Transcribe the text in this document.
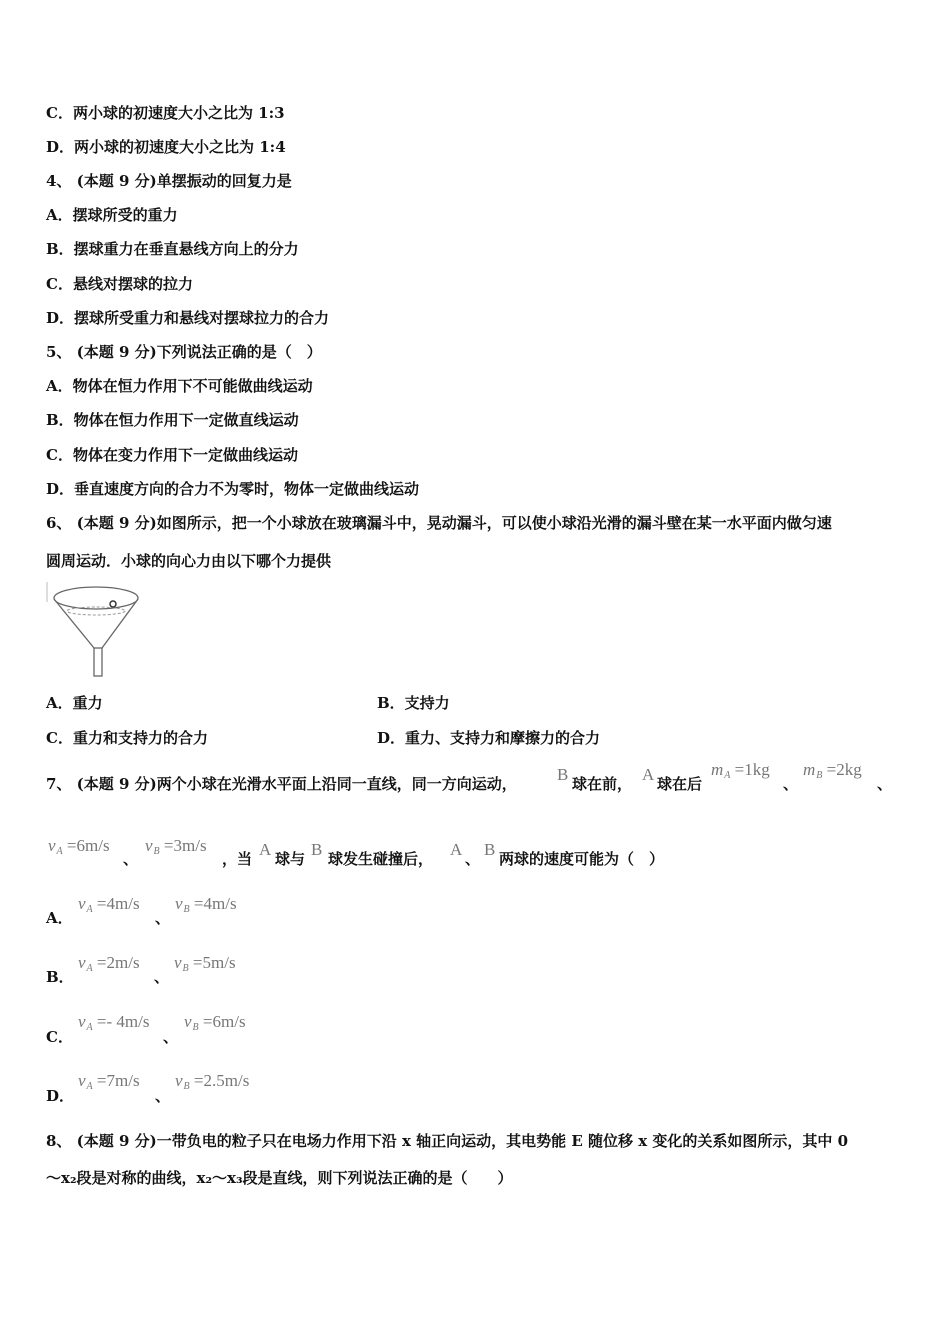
C．两小球的初速度大小之比为 1:3
D．两小球的初速度大小之比为 1:4
4、 (本题 9 分)单摆振动的回复力是
A．摆球所受的重力
B．摆球重力在垂直悬线方向上的分力
C．悬线对摆球的拉力
D．摆球所受重力和悬线对摆球拉力的合力
5、 (本题 9 分)下列说法正确的是（　）
A．物体在恒力作用下不可能做曲线运动
B．物体在恒力作用下一定做直线运动
C．物体在变力作用下一定做曲线运动
D．垂直速度方向的合力不为零时，物体一定做曲线运动
6、 (本题 9 分)如图所示，把一个小球放在玻璃漏斗中，晃动漏斗，可以使小球沿光滑的漏斗壁在某一水平面内做匀速
圆周运动．小球的向心力由以下哪个力提供
A．重力	B．支持力
C．重力和支持力的合力	D．重力、支持力和摩擦力的合力
7、 (本题 9 分)两个小球在光滑水平面上沿同一直线，同一方向运动， B 球在前， A 球在后
$m_A =1kg$
、
$m_B =2kg$
、
$v_A =6m/s$
、
$v_B =3m/s$
，当 A 球与 B 球发生碰撞后， A 、 B 两球的速度可能为（　）
A．
$v_A =4m/s$
、
$v_B =4m/s$
B．
$v_A =2m/s$
、
$v_B =5m/s$
C．
$v_A =- 4m/s$
、
$v_B =6m/s$
D．
$v_A =7m/s$
、
$v_B =2.5m/s$
8、 (本题 9 分)一带负电的粒子只在电场力作用下沿 x 轴正向运动，其电势能 E 随位移 x 变化的关系如图所示，其中 0
～x₂段是对称的曲线，x₂～x₃段是直线，则下列说法正确的是（　　）
